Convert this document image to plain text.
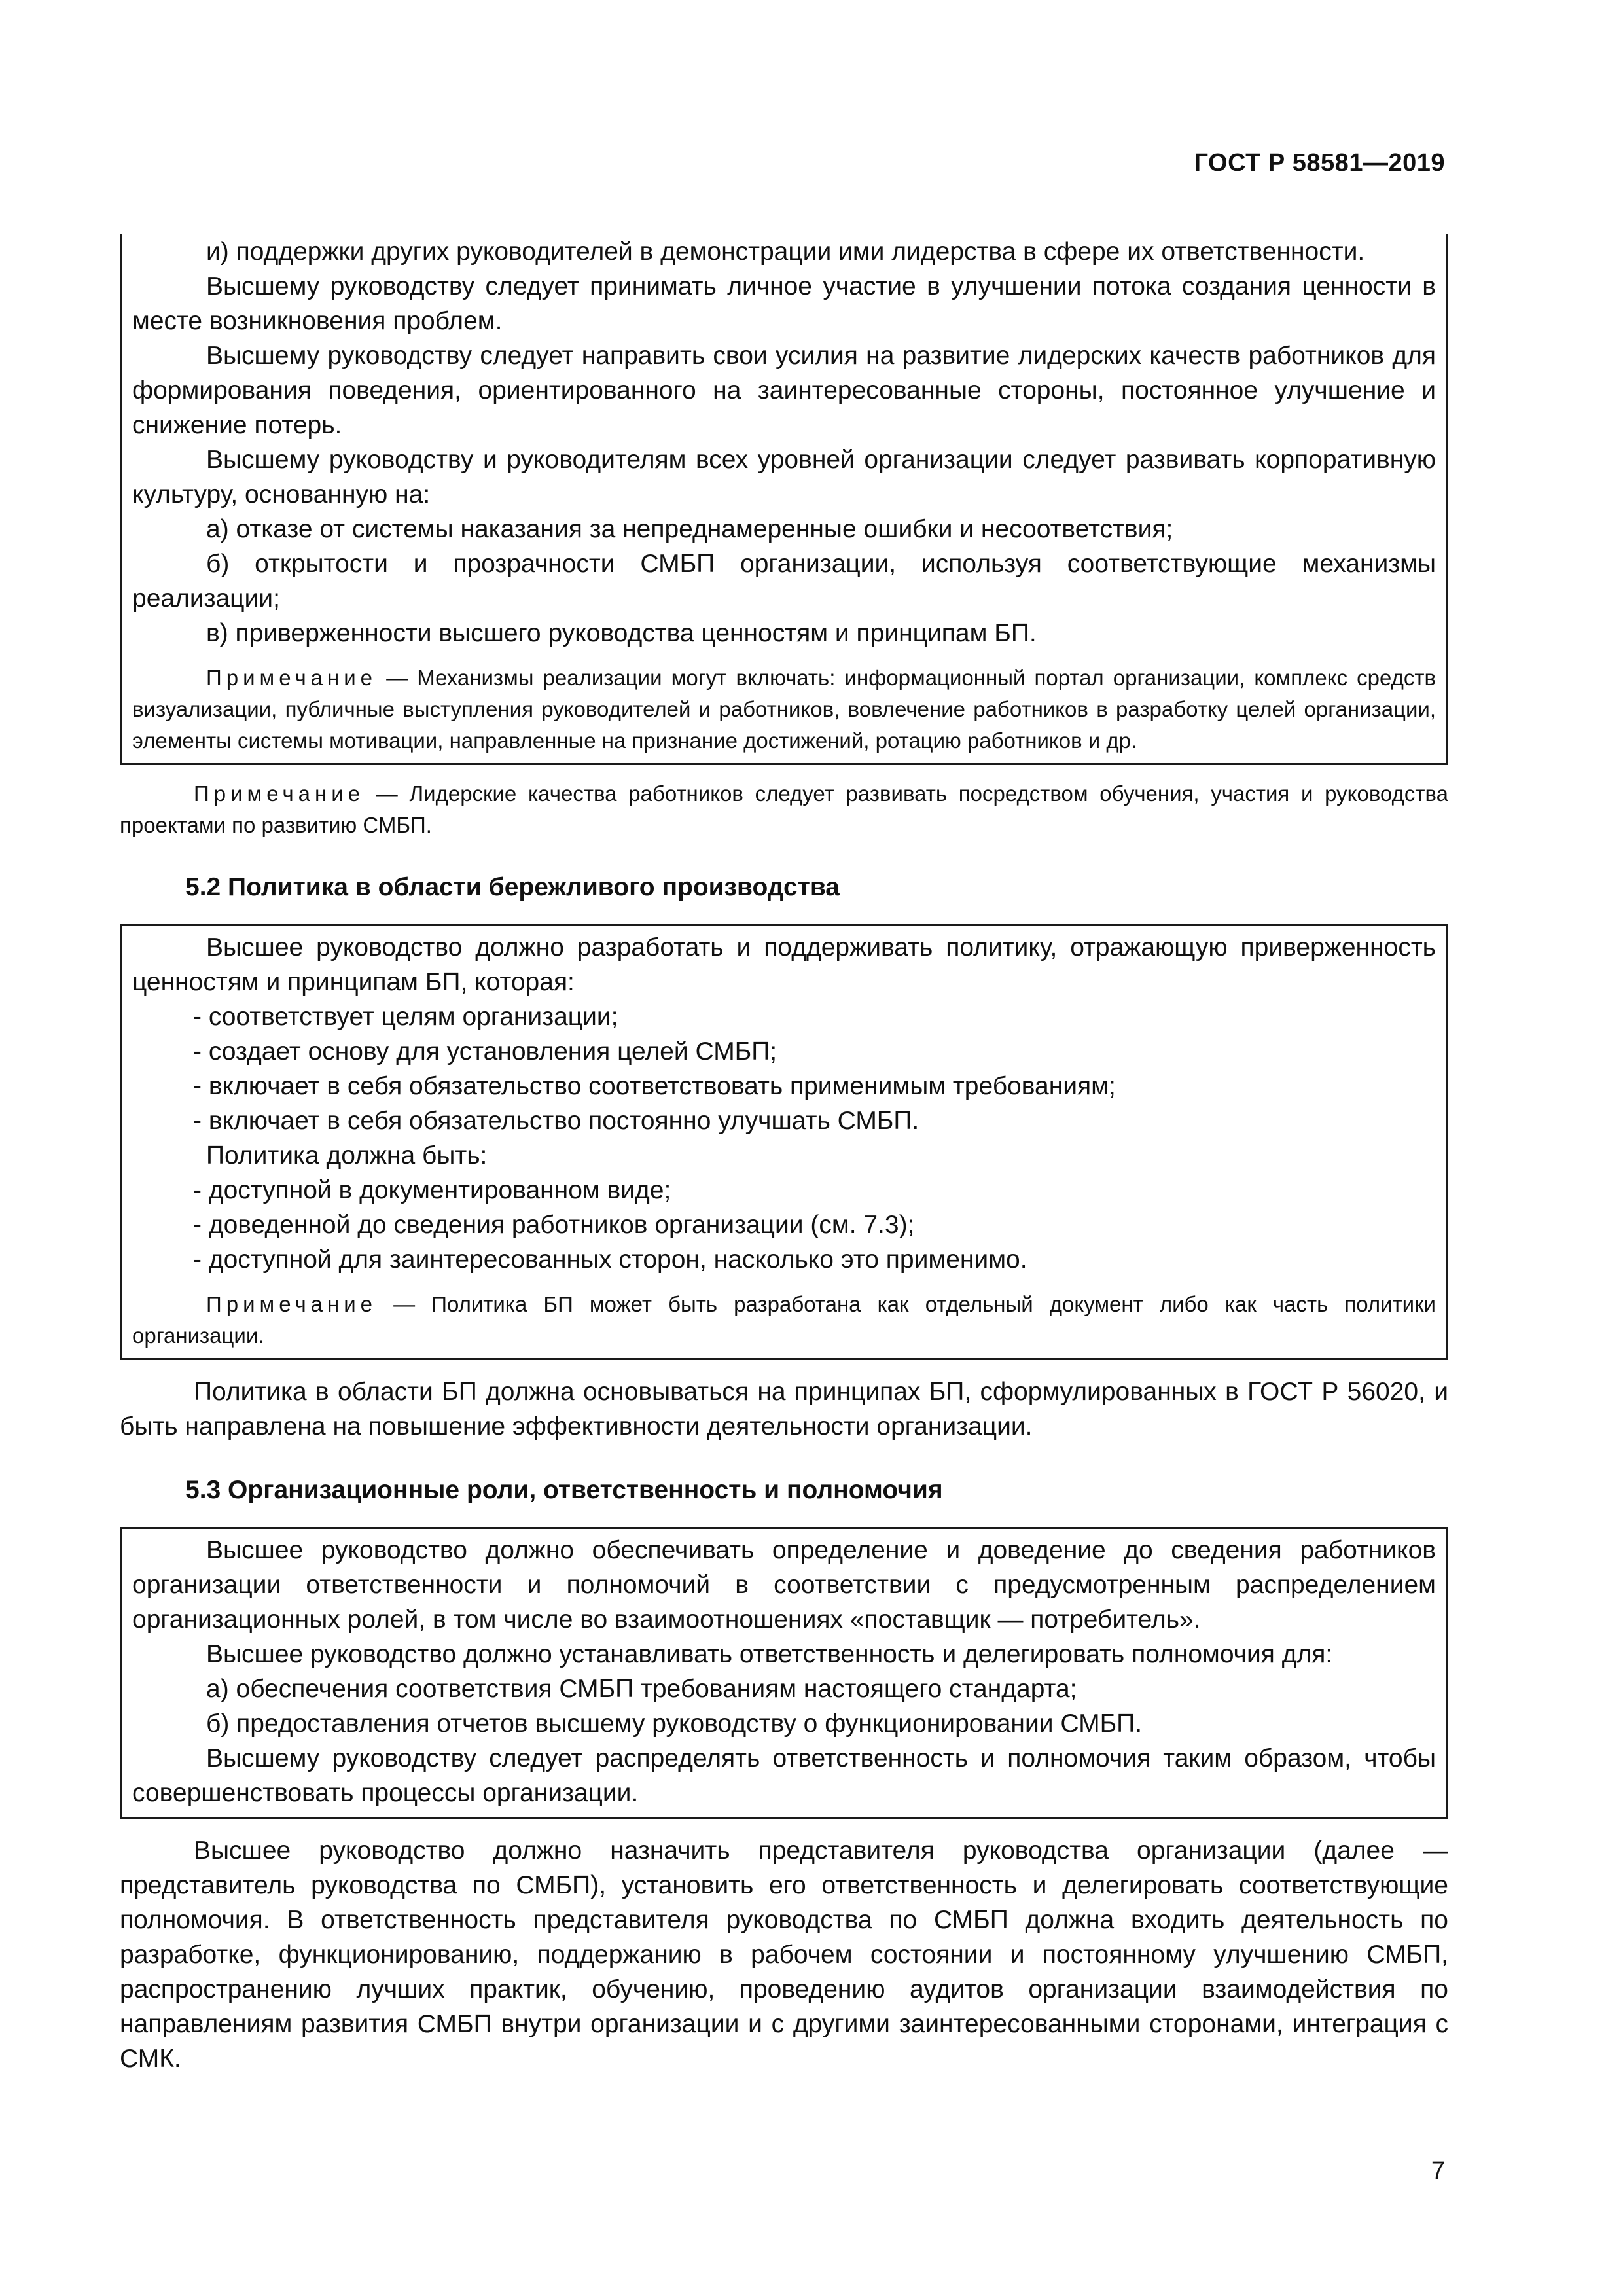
ГОСТ Р 58581—2019

и) поддержки других руководителей в демонстрации ими лидерства в сфере их ответственности.

Высшему руководству следует принимать личное участие в улучшении потока создания ценности в месте возникновения проблем.

Высшему руководству следует направить свои усилия на развитие лидерских качеств работников для формирования поведения, ориентированного на заинтересованные стороны, постоянное улучшение и снижение потерь.

Высшему руководству и руководителям всех уровней организации следует развивать корпоративную культуру, основанную на:

а) отказе от системы наказания за непреднамеренные ошибки и несоответствия;

б) открытости и прозрачности СМБП организации, используя соответствующие механизмы реализации;

в) приверженности высшего руководства ценностям и принципам БП.

Примечание — Механизмы реализации могут включать: информационный портал организации, комплекс средств визуализации, публичные выступления руководителей и работников, вовлечение работников в разработку целей организации, элементы системы мотивации, направленные на признание достижений, ротацию работников и др.
Примечание — Лидерские качества работников следует развивать посредством обучения, участия и руководства проектами по развитию СМБП.
5.2 Политика в области бережливого производства

Высшее руководство должно разработать и поддерживать политику, отражающую приверженность ценностям и принципам БП, которая:

- соответствует целям организации;

- создает основу для установления целей СМБП;

- включает в себя обязательство соответствовать применимым требованиям;

- включает в себя обязательство постоянно улучшать СМБП.

Политика должна быть:

- доступной в документированном виде;

- доведенной до сведения работников организации (см. 7.3);

- доступной для заинтересованных сторон, насколько это применимо.

Примечание — Политика БП может быть разработана как отдельный документ либо как часть политики организации.

Политика в области БП должна основываться на принципах БП, сформулированных в ГОСТ Р 56020, и быть направлена на повышение эффективности деятельности организации.

5.3 Организационные роли, ответственность и полномочия

Высшее руководство должно обеспечивать определение и доведение до сведения работников организации ответственности и полномочий в соответствии с предусмотренным распределением организационных ролей, в том числе во взаимоотношениях «поставщик — потребитель».

Высшее руководство должно устанавливать ответственность и делегировать полномочия для:

а) обеспечения соответствия СМБП требованиям настоящего стандарта;

б) предоставления отчетов высшему руководству о функционировании СМБП.

Высшему руководству следует распределять ответственность и полномочия таким образом, чтобы совершенствовать процессы организации.

Высшее руководство должно назначить представителя руководства организации (далее — представитель руководства по СМБП), установить его ответственность и делегировать соответствующие полномочия. В ответственность представителя руководства по СМБП должна входить деятельность по разработке, функционированию, поддержанию в рабочем состоянии и постоянному улучшению СМБП, распространению лучших практик, обучению, проведению аудитов организации взаимодействия по направлениям развития СМБП внутри организации и с другими заинтересованными сторонами, интеграция с СМК.

7
